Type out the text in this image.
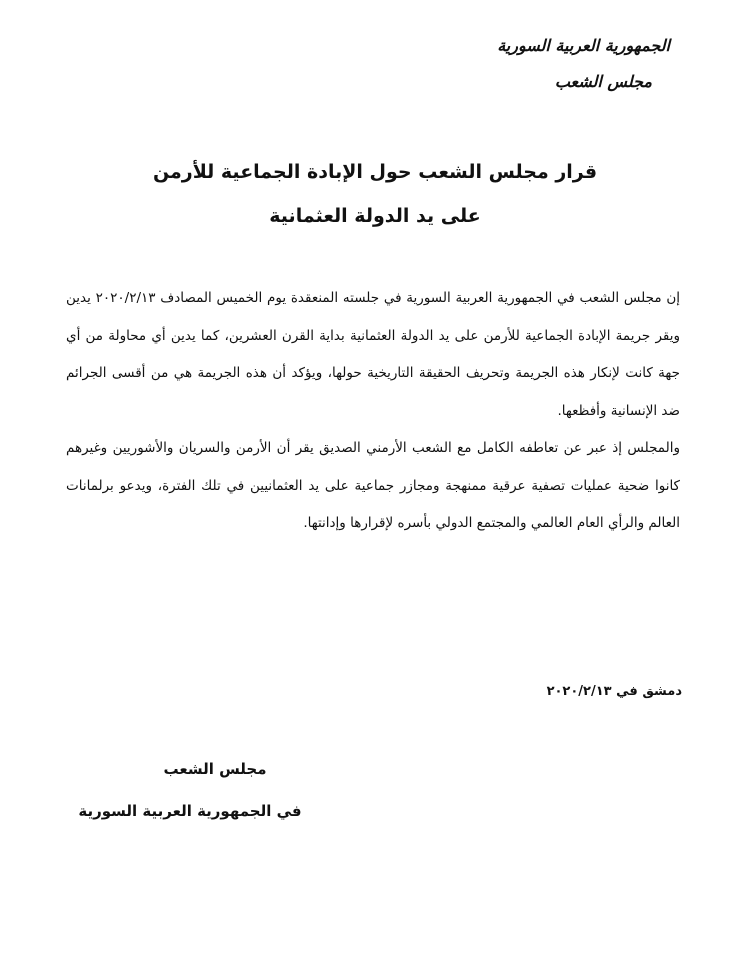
الجمهورية العربية السورية
مجلس الشعب
قرار مجلس الشعب حول الإبادة الجماعية للأرمن
على يد الدولة العثمانية

إن مجلس الشعب في الجمهورية العربية السورية في جلسته المنعقدة يوم الخميس المصادف ٢٠٢٠/٢/١٣ يدين ويقر جريمة الإبادة الجماعية للأرمن على يد الدولة العثمانية بداية القرن العشرين، كما يدين أي محاولة من أي جهة كانت لإنكار هذه الجريمة وتحريف الحقيقة التاريخية حولها، ويؤكد أن هذه الجريمة هي من أقسى الجرائم ضد الإنسانية وأفظعها.

والمجلس إذ عبر عن تعاطفه الكامل مع الشعب الأرمني الصديق يقر أن الأرمن والسريان والأشوريين وغيرهم كانوا ضحية عمليات تصفية عرقية ممنهجة ومجازر جماعية على يد العثمانيين في تلك الفترة، ويدعو برلمانات العالم والرأي العام العالمي والمجتمع الدولي بأسره لإقرارها وإدانتها.

دمشق في ٢٠٢٠/٢/١٣
مجلس الشعب
في الجمهورية العربية السورية
